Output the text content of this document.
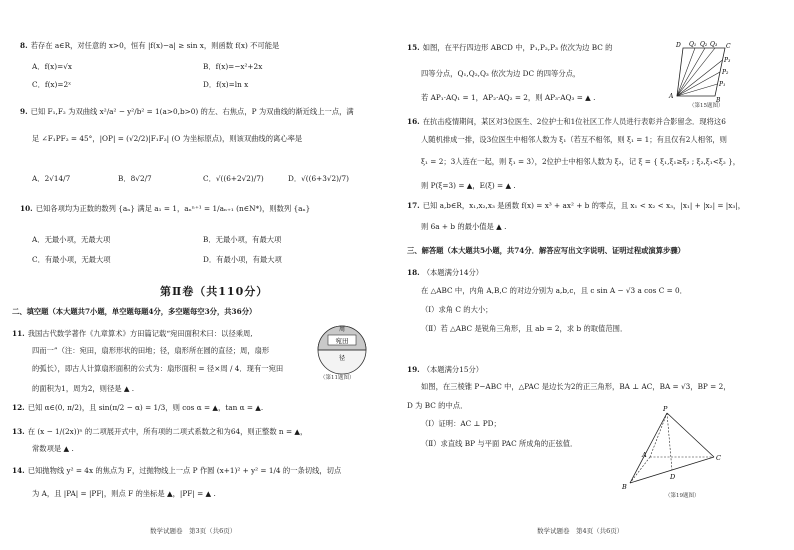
8. 若存在 a∈R，对任意的 x>0，恒有 |f(x)−a| ≥ sin x，则函数 f(x) 不可能是
A．f(x)=√x	B．f(x)=−x²+2x
C．f(x)=2ˣ	D．f(x)=ln x
9. 已知 F₁,F₂ 为双曲线 x²/a² − y²/b² = 1(a>0,b>0) 的左、右焦点，P 为双曲线的渐近线上一点，满
足 ∠F₁PF₂ = 45°，|OP| = (√2/2)|F₁F₂| (O 为坐标原点)，则该双曲线的离心率是
A．2√14/7	B．8√2/7	C．√((6+2√2)/7)	D．√((6+3√2)/7)
10. 已知各项均为正数的数列 {aₙ} 满足 a₁ = 1，aₙⁿ⁺¹ = 1/aₙ₊₁ (n∈N*)，则数列 {aₙ}
A．无最小项，无最大项	B．无最小项，有最大项
C．有最小项，无最大项	D．有最小项，有最大项
第Ⅱ卷（共110分）
二、填空题（本大题共7小题，单空题每题4分，多空题每空3分，共36分）
11. 我国古代数学著作《九章算术》方田篇记载“宛田面积术曰：以径乘周,
四而一”（注：宛田，扇形形状的田地；径，扇形所在圆的直径；周，扇形
的弧长），即古人计算扇形面积的公式为：扇形面积 = 径×周 / 4．现有一宛田
的面积为1，周为2，则径是 ▲ .
周
宛田
径
（第11题图）
12. 已知 α∈(0, π/2)，且 sin(π/2 − α) = 1/3，则 cos α = ▲，tan α = ▲.
13. 在 (x − 1/(2x))ⁿ 的二项展开式中，所有项的二项式系数之和为64，则正整数 n = ▲，
常数项是 ▲ .
14. 已知抛物线 y² = 4x 的焦点为 F，过抛物线上一点 P 作圆 (x+1)² + y² = 1/4 的一条切线，切点
为 A，且 |PA| = |PF|，则点 F 的坐标是 ▲，|PF| = ▲ .
数学试题卷　第3页（共6页）
15. 如图，在平行四边形 ABCD 中，P₁,P₂,P₃ 依次为边 BC 的
四等分点，Q₁,Q₂,Q₃ 依次为边 DC 的四等分点，
若 AP₁·AQ₁ = 1，AP₂·AQ₂ = 2，则 AP₃·AQ₃ = ▲ .
D Q₁ Q₂ Q₃ C
P₃
P₂
P₁
A
B
（第15题图）
16. 在抗击疫情期间，某区对3位医生、2位护士和1位社区工作人员进行表彰并合影留念．现将这6
人随机排成一排，设3位医生中相邻人数为 ξ₁（若互不相邻，则 ξ₁ = 1；有且仅有2人相邻，则
ξ₁ = 2；3人连在一起，则 ξ₁ = 3），2位护士中相邻人数为 ξ₂，记 ξ = { ξ₁,ξ₁≥ξ₂ ; ξ₂,ξ₁<ξ₂ }，
则 P(ξ=3) = ▲，E(ξ) = ▲ .
17. 已知 a,b∈R，x₁,x₂,x₃ 是函数 f(x) = x³ + ax² + b 的零点，且 x₁ < x₂ < x₃，|x₁| + |x₂| = |x₃|，
则 6a + b 的最小值是 ▲ .
三、解答题（本大题共5小题，共74分．解答应写出文字说明、证明过程或演算步骤）
18. （本题满分14分）
在 △ABC 中，内角 A,B,C 的对边分别为 a,b,c，且 c sin A − √3 a cos C = 0．
（Ⅰ）求角 C 的大小；
（Ⅱ）若 △ABC 是锐角三角形，且 ab = 2，求 b 的取值范围．
19. （本题满分15分）
如图，在三棱锥 P−ABC 中，△PAC 是边长为2的正三角形，BA ⊥ AC，BA = √3，BP = 2，
D 为 BC 的中点．
（Ⅰ）证明：AC ⊥ PD；
（Ⅱ）求直线 BP 与平面 PAC 所成角的正弦值．
P
A	C
D
B
（第19题图）
数学试题卷　第4页（共6页）
